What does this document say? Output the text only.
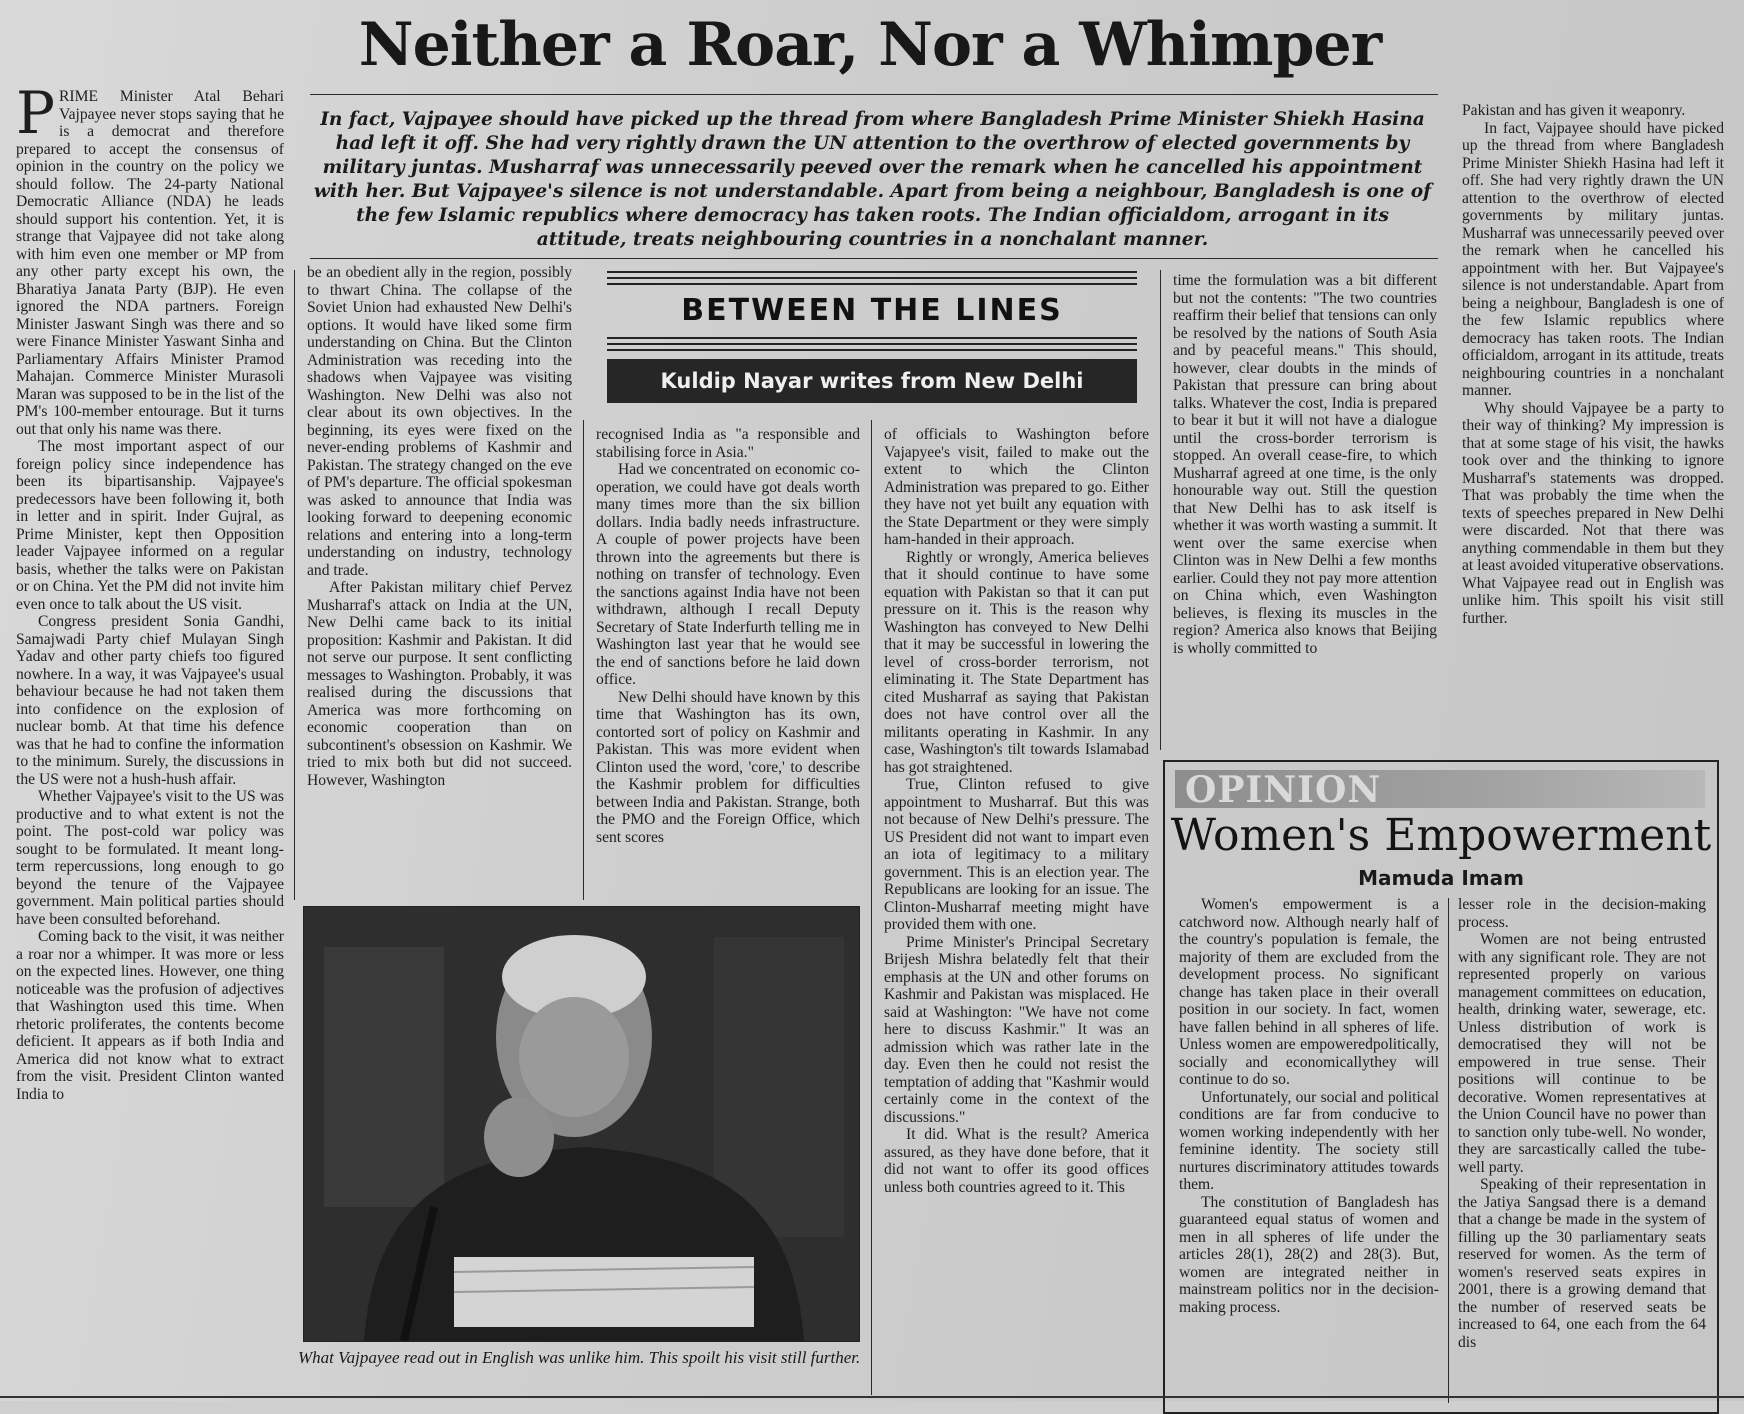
Neither a Roar, Nor a Whimper
In fact, Vajpayee should have picked up the thread from where Bangladesh Prime Minister Shiekh Hasina had left it off. She had very rightly drawn the UN attention to the overthrow of elected governments by military juntas. Musharraf was unnecessarily peeved over the remark when he cancelled his appointment with her. But Vajpayee's silence is not understandable. Apart from being a neighbour, Bangladesh is one of the few Islamic republics where democracy has taken roots. The Indian officialdom, arrogant in its attitude, treats neighbouring countries in a nonchalant manner.

PRIME Minister Atal Behari Vajpayee never stops saying that he is a democrat and therefore prepared to accept the consensus of opinion in the country on the policy we should follow. The 24-party National Democratic Alliance (NDA) he leads should support his contention. Yet, it is strange that Vajpayee did not take along with him even one member or MP from any other party except his own, the Bharatiya Janata Party (BJP). He even ignored the NDA partners. Foreign Minister Jaswant Singh was there and so were Finance Minister Yaswant Sinha and Parliamentary Affairs Minister Pramod Mahajan. Commerce Minister Murasoli Maran was supposed to be in the list of the PM's 100-member entourage. But it turns out that only his name was there.

The most important aspect of our foreign policy since independence has been its bipartisanship. Vajpayee's predecessors have been following it, both in letter and in spirit. Inder Gujral, as Prime Minister, kept then Opposition leader Vajpayee informed on a regular basis, whether the talks were on Pakistan or on China. Yet the PM did not invite him even once to talk about the US visit.

Congress president Sonia Gandhi, Samajwadi Party chief Mulayan Singh Yadav and other party chiefs too figured nowhere. In a way, it was Vajpayee's usual behaviour because he had not taken them into confidence on the explosion of nuclear bomb. At that time his defence was that he had to confine the information to the minimum. Surely, the discussions in the US were not a hush-hush affair.

Whether Vajpayee's visit to the US was productive and to what extent is not the point. The post-cold war policy was sought to be formulated. It meant long-term repercussions, long enough to go beyond the tenure of the Vajpayee government. Main political parties should have been consulted beforehand.

Coming back to the visit, it was neither a roar nor a whimper. It was more or less on the expected lines. However, one thing noticeable was the profusion of adjectives that Washington used this time. When rhetoric proliferates, the contents become deficient. It appears as if both India and America did not know what to extract from the visit. President Clinton wanted India to

be an obedient ally in the region, possibly to thwart China. The collapse of the Soviet Union had exhausted New Delhi's options. It would have liked some firm understanding on China. But the Clinton Administration was receding into the shadows when Vajpayee was visiting Washington. New Delhi was also not clear about its own objectives. In the beginning, its eyes were fixed on the never-ending problems of Kashmir and Pakistan. The strategy changed on the eve of PM's departure. The official spokesman was asked to announce that India was looking forward to deepening economic relations and entering into a long-term understanding on industry, technology and trade.

After Pakistan military chief Pervez Musharraf's attack on India at the UN, New Delhi came back to its initial proposition: Kashmir and Pakistan. It did not serve our purpose. It sent conflicting messages to Washington. Probably, it was realised during the discussions that America was more forthcoming on economic cooperation than on subcontinent's obsession on Kashmir. We tried to mix both but did not succeed. However, Washington

BETWEEN THE LINES
Kuldip Nayar writes from New Delhi

recognised India as "a responsible and stabilising force in Asia."

Had we concentrated on economic co-operation, we could have got deals worth many times more than the six billion dollars. India badly needs infrastructure. A couple of power projects have been thrown into the agreements but there is nothing on transfer of technology. Even the sanctions against India have not been withdrawn, although I recall Deputy Secretary of State Inderfurth telling me in Washington last year that he would see the end of sanctions before he laid down office.

New Delhi should have known by this time that Washington has its own, contorted sort of policy on Kashmir and Pakistan. This was more evident when Clinton used the word, 'core,' to describe the Kashmir problem for difficulties between India and Pakistan. Strange, both the PMO and the Foreign Office, which sent scores

of officials to Washington before Vajapyee's visit, failed to make out the extent to which the Clinton Administration was prepared to go. Either they have not yet built any equation with the State Department or they were simply ham-handed in their approach.

Rightly or wrongly, America believes that it should continue to have some equation with Pakistan so that it can put pressure on it. This is the reason why Washington has conveyed to New Delhi that it may be successful in lowering the level of cross-border terrorism, not eliminating it. The State Department has cited Musharraf as saying that Pakistan does not have control over all the militants operating in Kashmir. In any case, Washington's tilt towards Islamabad has got straightened.

True, Clinton refused to give appointment to Musharraf. But this was not because of New Delhi's pressure. The US President did not want to impart even an iota of legitimacy to a military government. This is an election year. The Republicans are looking for an issue. The Clinton-Musharraf meeting might have provided them with one.

Prime Minister's Principal Secretary Brijesh Mishra belatedly felt that their emphasis at the UN and other forums on Kashmir and Pakistan was misplaced. He said at Washington: "We have not come here to discuss Kashmir." It was an admission which was rather late in the day. Even then he could not resist the temptation of adding that "Kashmir would certainly come in the context of the discussions."

It did. What is the result? America assured, as they have done before, that it did not want to offer its good offices unless both countries agreed to it. This

time the formulation was a bit different but not the contents: "The two countries reaffirm their belief that tensions can only be resolved by the nations of South Asia and by peaceful means." This should, however, clear doubts in the minds of Pakistan that pressure can bring about talks. Whatever the cost, India is prepared to bear it but it will not have a dialogue until the cross-border terrorism is stopped. An overall cease-fire, to which Musharraf agreed at one time, is the only honourable way out. Still the question that New Delhi has to ask itself is whether it was worth wasting a summit. It went over the same exercise when Clinton was in New Delhi a few months earlier. Could they not pay more attention on China which, even Washington believes, is flexing its muscles in the region? America also knows that Beijing is wholly committed to

Pakistan and has given it weaponry.

In fact, Vajpayee should have picked up the thread from where Bangladesh Prime Minister Shiekh Hasina had left it off. She had very rightly drawn the UN attention to the overthrow of elected governments by military juntas. Musharraf was unnecessarily peeved over the remark when he cancelled his appointment with her. But Vajpayee's silence is not understandable. Apart from being a neighbour, Bangladesh is one of the few Islamic republics where democracy has taken roots. The Indian officialdom, arrogant in its attitude, treats neighbouring countries in a nonchalant manner.

Why should Vajpayee be a party to their way of thinking? My impression is that at some stage of his visit, the hawks took over and the thinking to ignore Musharraf's statements was dropped. That was probably the time when the texts of speeches prepared in New Delhi were discarded. Not that there was anything commendable in them but they at least avoided vituperative observations. What Vajpayee read out in English was unlike him. This spoilt his visit still further.

What Vajpayee read out in English was unlike him. This spoilt his visit still further.
OPINION
Women's Empowerment
Mamuda Imam

Women's empowerment is a catchword now. Although nearly half of the country's population is female, the majority of them are excluded from the development process. No significant change has taken place in their overall position in our society. In fact, women have fallen behind in all spheres of life. Unless women are empoweredpolitically, socially and economicallythey will continue to do so.

Unfortunately, our social and political conditions are far from conducive to women working independently with her feminine identity. The society still nurtures discriminatory attitudes towards them.

The constitution of Bangladesh has guaranteed equal status of women and men in all spheres of life under the articles 28(1), 28(2) and 28(3). But, women are integrated neither in mainstream politics nor in the decision-making process.

lesser role in the decision-making process.

Women are not being entrusted with any significant role. They are not represented properly on various management committees on education, health, drinking water, sewerage, etc. Unless distribution of work is democratised they will not be empowered in true sense. Their positions will continue to be decorative. Women representatives at the Union Council have no power than to sanction only tube-well. No wonder, they are sarcastically called the tube-well party.

Speaking of their representation in the Jatiya Sangsad there is a demand that a change be made in the system of filling up the 30 parliamentary seats reserved for women. As the term of women's reserved seats expires in 2001, there is a growing demand that the number of reserved seats be increased to 64, one each from the 64 dis
